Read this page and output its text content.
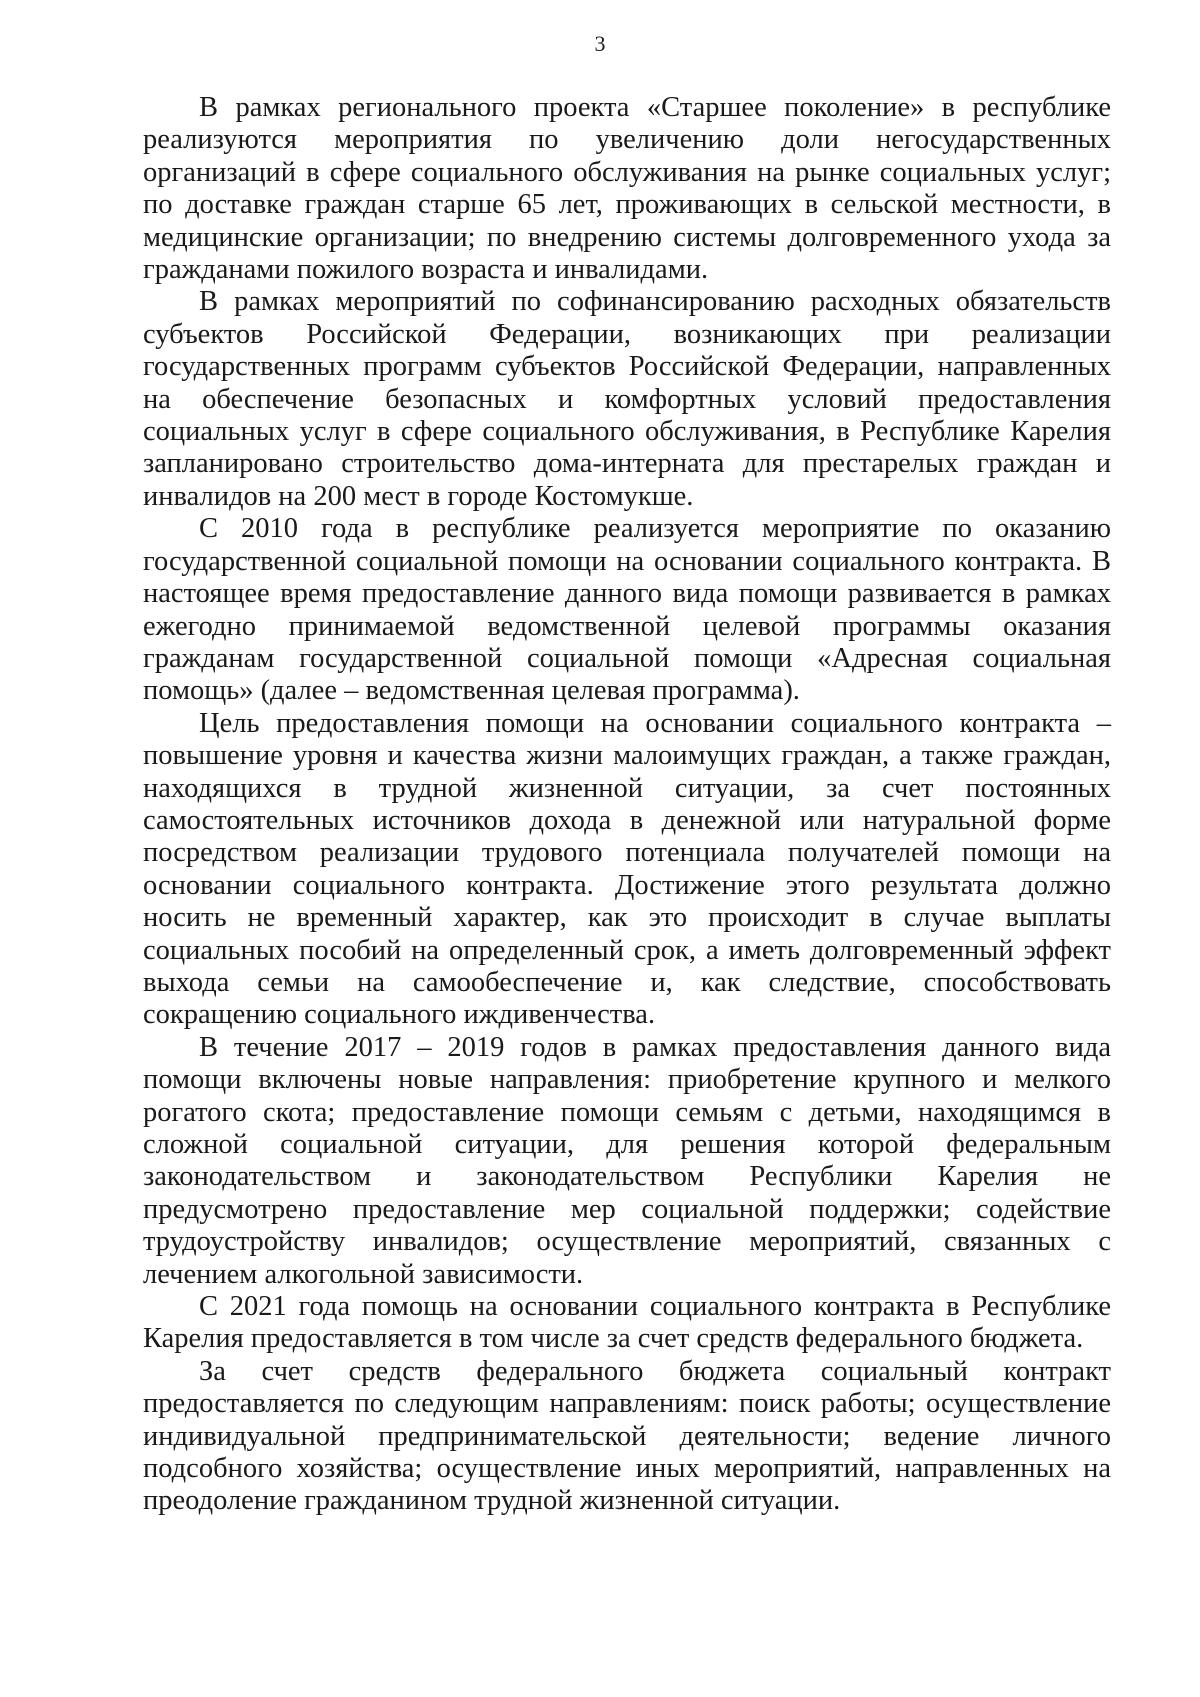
3

В рамках регионального проекта «Старшее поколение» в республике реализуются мероприятия по увеличению доли негосударственных организаций в сфере социального обслуживания на рынке социальных услуг; по доставке граждан старше 65 лет, проживающих в сельской местности, в медицинские организации; по внедрению системы долговременного ухода за гражданами пожилого возраста и инвалидами.

В рамках мероприятий по софинансированию расходных обязательств субъектов Российской Федерации, возникающих при реализации государственных программ субъектов Российской Федерации, направленных на обеспечение безопасных и комфортных условий предоставления социальных услуг в сфере социального обслуживания, в Республике Карелия запланировано строительство дома-интерната для престарелых граждан и инвалидов на 200 мест в городе Костомукше.

С 2010 года в республике реализуется мероприятие по оказанию государственной социальной помощи на основании социального контракта. В настоящее время предоставление данного вида помощи развивается в рамках ежегодно принимаемой ведомственной целевой программы оказания гражданам государственной социальной помощи «Адресная социальная помощь» (далее – ведомственная целевая программа).

Цель предоставления помощи на основании социального контракта – повышение уровня и качества жизни малоимущих граждан, а также граждан, находящихся в трудной жизненной ситуации, за счет постоянных самостоятельных источников дохода в денежной или натуральной форме посредством реализации трудового потенциала получателей помощи на основании социального контракта. Достижение этого результата должно носить не временный характер, как это происходит в случае выплаты социальных пособий на определенный срок, а иметь долговременный эффект выхода семьи на самообеспечение и, как следствие, способствовать сокращению социального иждивенчества.

В течение 2017 – 2019 годов в рамках предоставления данного вида помощи включены новые направления: приобретение крупного и мелкого рогатого скота; предоставление помощи семьям с детьми, находящимся в сложной социальной ситуации, для решения которой федеральным законодательством и законодательством Республики Карелия не предусмотрено предоставление мер социальной поддержки; содействие трудоустройству инвалидов; осуществление мероприятий, связанных с лечением алкогольной зависимости.

С 2021 года помощь на основании социального контракта в Республике Карелия предоставляется в том числе за счет средств федерального бюджета.

За счет средств федерального бюджета социальный контракт предоставляется по следующим направлениям: поиск работы; осуществление индивидуальной предпринимательской деятельности; ведение личного подсобного хозяйства; осуществление иных мероприятий, направленных на преодоление гражданином трудной жизненной ситуации.
